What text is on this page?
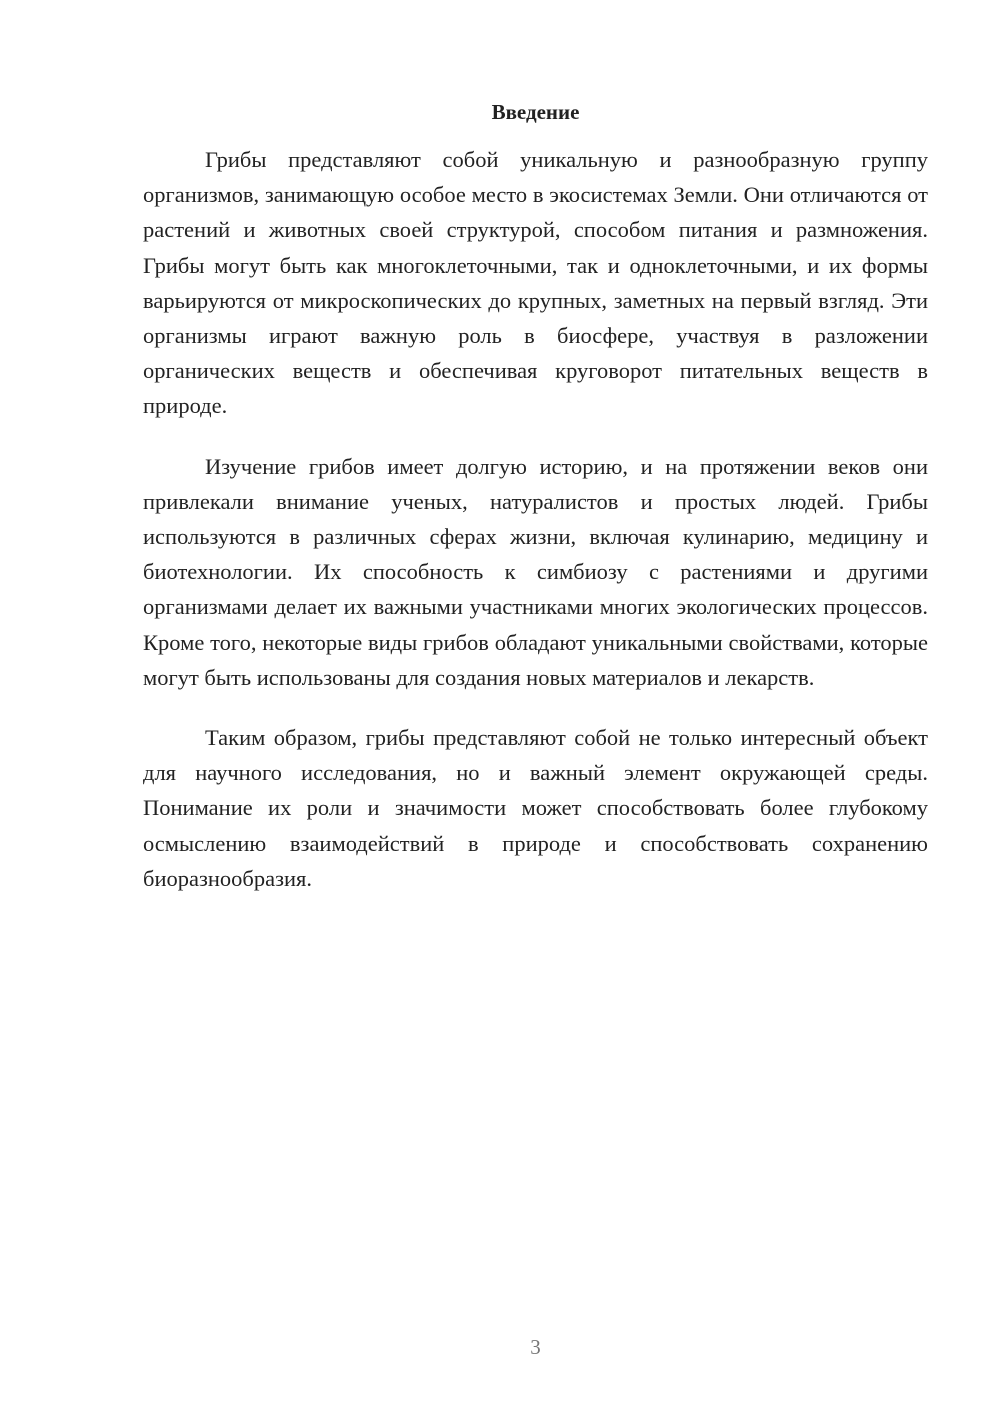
Введение

Грибы представляют собой уникальную и разнообразную группу организмов, занимающую особое место в экосистемах Земли. Они отличаются от растений и животных своей структурой, способом питания и размножения. Грибы могут быть как многоклеточными, так и одноклеточными, и их формы варьируются от микроскопических до крупных, заметных на первый взгляд. Эти организмы играют важную роль в биосфере, участвуя в разложении органических веществ и обеспечивая круговорот питательных веществ в природе.

Изучение грибов имеет долгую историю, и на протяжении веков они привлекали внимание ученых, натуралистов и простых людей. Грибы используются в различных сферах жизни, включая кулинарию, медицину и биотехнологии. Их способность к симбиозу с растениями и другими организмами делает их важными участниками многих экологических процессов. Кроме того, некоторые виды грибов обладают уникальными свойствами, которые могут быть использованы для создания новых материалов и лекарств.

Таким образом, грибы представляют собой не только интересный объект для научного исследования, но и важный элемент окружающей среды. Понимание их роли и значимости может способствовать более глубокому осмыслению взаимодействий в природе и способствовать сохранению биоразнообразия.

3
